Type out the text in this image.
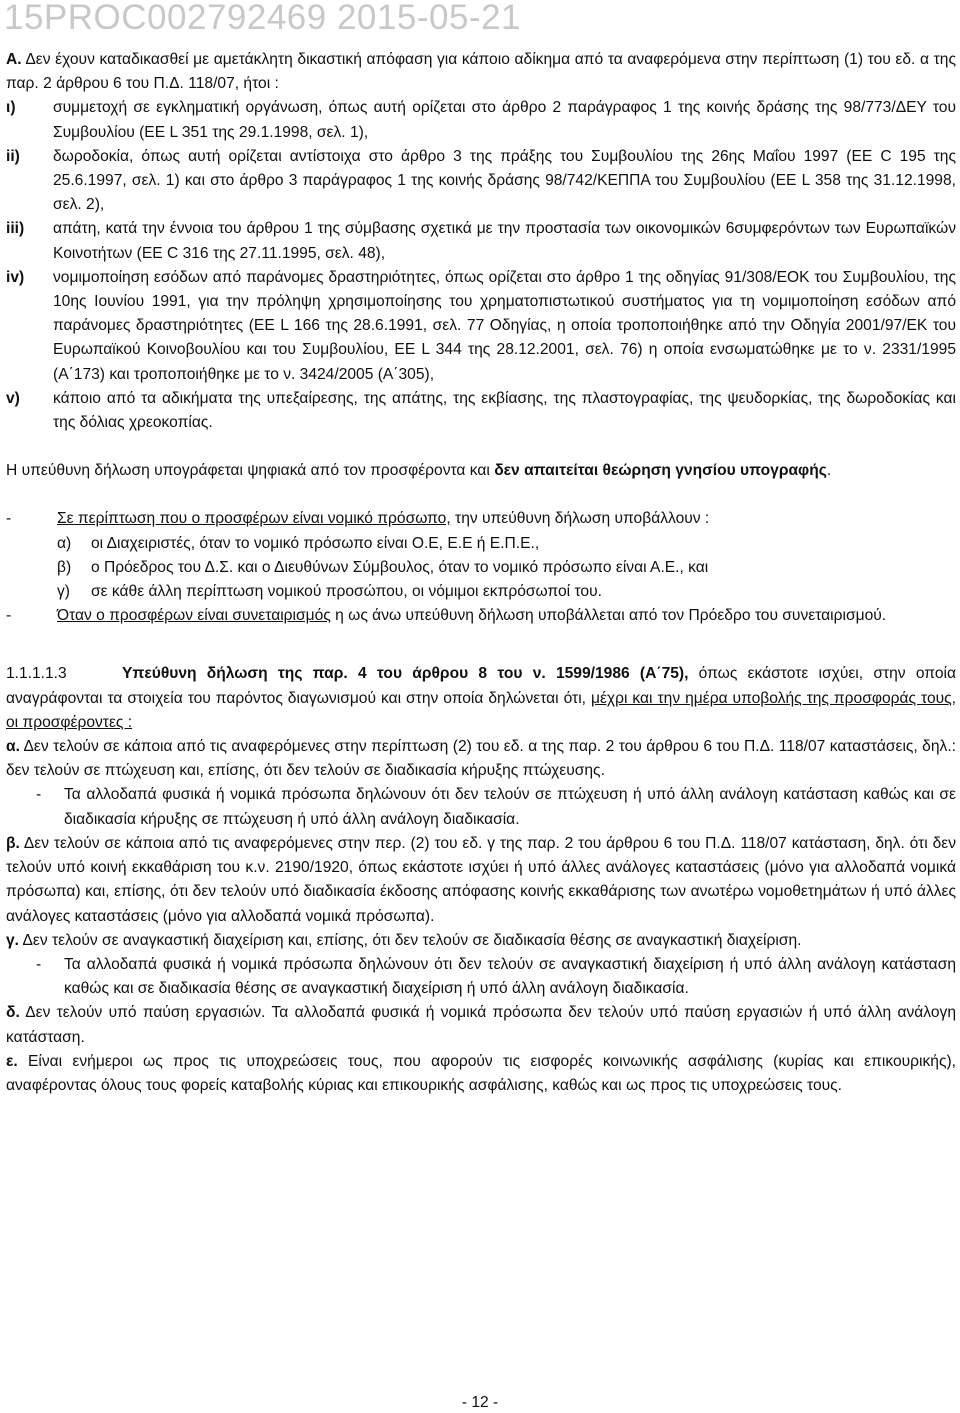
15PROC002792469 2015-05-21

Α. Δεν έχουν καταδικασθεί με αμετάκλητη δικαστική απόφαση για κάποιο αδίκημα από τα αναφερόμενα στην περίπτωση (1) του εδ. α της παρ. 2 άρθρου 6 του Π.Δ. 118/07, ήτοι :

ι)	συμμετοχή σε εγκληματική οργάνωση, όπως αυτή ορίζεται στο άρθρο 2 παράγραφος 1 της κοινής δράσης της 98/773/ΔΕΥ του Συμβουλίου (ΕΕ L 351 της 29.1.1998, σελ. 1),
ii)	δωροδοκία, όπως αυτή ορίζεται αντίστοιχα στο άρθρο 3 της πράξης του Συμβουλίου της 26ης Μαΐου 1997 (ΕΕ C 195 της 25.6.1997, σελ. 1) και στο άρθρο 3 παράγραφος 1 της κοινής δράσης 98/742/ΚΕΠΠΑ του Συμβουλίου (ΕΕ L 358 της 31.12.1998, σελ. 2),
iii)	απάτη, κατά την έννοια του άρθρου 1 της σύμβασης σχετικά με την προστασία των οικονομικών 6συμφερόντων των Ευρωπαϊκών Κοινοτήτων (ΕΕ C 316 της 27.11.1995, σελ. 48),
iv)	νομιμοποίηση εσόδων από παράνομες δραστηριότητες, όπως ορίζεται στο άρθρο 1 της οδηγίας 91/308/ΕΟΚ του Συμβουλίου, της 10ης Ιουνίου 1991, για την πρόληψη χρησιμοποίησης του χρηματοπιστωτικού συστήματος για τη νομιμοποίηση εσόδων από παράνομες δραστηριότητες (ΕΕ L 166 της 28.6.1991, σελ. 77 Οδηγίας, η οποία τροποποιήθηκε από την Οδηγία 2001/97/ΕΚ του Ευρωπαϊκού Κοινοβουλίου και του Συμβουλίου, ΕΕ L 344 της 28.12.2001, σελ. 76) η οποία ενσωματώθηκε με το ν. 2331/1995 (Α΄173) και τροποποιήθηκε με το ν. 3424/2005 (Α΄305),
v)	κάποιο από τα αδικήματα της υπεξαίρεσης, της απάτης, της εκβίασης, της πλαστογραφίας, της ψευδορκίας, της δωροδοκίας και της δόλιας χρεοκοπίας.

Η υπεύθυνη δήλωση υπογράφεται ψηφιακά από τον προσφέροντα και δεν απαιτείται θεώρηση γνησίου υπογραφής.

-	Σε περίπτωση που ο προσφέρων είναι νομικό πρόσωπο, την υπεύθυνη δήλωση υποβάλλουν :
α)	οι Διαχειριστές, όταν το νομικό πρόσωπο είναι Ο.Ε, Ε.Ε ή Ε.Π.Ε.,
β)	ο Πρόεδρος του Δ.Σ. και ο Διευθύνων Σύμβουλος, όταν το νομικό πρόσωπο είναι Α.Ε., και
γ)	σε κάθε άλλη περίπτωση νομικού προσώπου, οι νόμιμοι εκπρόσωποί του.
-	Όταν ο προσφέρων είναι συνεταιρισμός η ως άνω υπεύθυνη δήλωση υποβάλλεται από τον Πρόεδρο του συνεταιρισμού.

1.1.1.1.3	Υπεύθυνη δήλωση της παρ. 4 του άρθρου 8 του ν. 1599/1986 (Α΄75), όπως εκάστοτε ισχύει, στην οποία αναγράφονται τα στοιχεία του παρόντος διαγωνισμού και στην οποία δηλώνεται ότι, μέχρι και την ημέρα υποβολής της προσφοράς τους, οι προσφέροντες :

α. Δεν τελούν σε κάποια από τις αναφερόμενες στην περίπτωση (2) του εδ. α της παρ. 2 του άρθρου 6 του Π.Δ. 118/07 καταστάσεις, δηλ.: δεν τελούν σε πτώχευση και, επίσης, ότι δεν τελούν σε διαδικασία κήρυξης πτώχευσης.

-	Τα αλλοδαπά φυσικά ή νομικά πρόσωπα δηλώνουν ότι δεν τελούν σε πτώχευση ή υπό άλλη ανάλογη κατάσταση καθώς και σε διαδικασία κήρυξης σε πτώχευση ή υπό άλλη ανάλογη διαδικασία.

β. Δεν τελούν σε κάποια από τις αναφερόμενες στην περ. (2) του εδ. γ της παρ. 2 του άρθρου 6 του Π.Δ. 118/07 κατάσταση, δηλ. ότι δεν τελούν υπό κοινή εκκαθάριση του κ.ν. 2190/1920, όπως εκάστοτε ισχύει ή υπό άλλες ανάλογες καταστάσεις (μόνο για αλλοδαπά νομικά πρόσωπα) και, επίσης, ότι δεν τελούν υπό διαδικασία έκδοσης απόφασης κοινής εκκαθάρισης των ανωτέρω νομοθετημάτων ή υπό άλλες ανάλογες καταστάσεις (μόνο για αλλοδαπά νομικά πρόσωπα).

γ. Δεν τελούν σε αναγκαστική διαχείριση και, επίσης, ότι δεν τελούν σε διαδικασία θέσης σε αναγκαστική διαχείριση.

-	Τα αλλοδαπά φυσικά ή νομικά πρόσωπα δηλώνουν ότι δεν τελούν σε αναγκαστική διαχείριση ή υπό άλλη ανάλογη κατάσταση καθώς και σε διαδικασία θέσης σε αναγκαστική διαχείριση ή υπό άλλη ανάλογη διαδικασία.

δ. Δεν τελούν υπό παύση εργασιών. Τα αλλοδαπά φυσικά ή νομικά πρόσωπα δεν τελούν υπό παύση εργασιών ή υπό άλλη ανάλογη κατάσταση.

ε. Είναι ενήμεροι ως προς τις υποχρεώσεις τους, που αφορούν τις εισφορές κοινωνικής ασφάλισης (κυρίας και επικουρικής), αναφέροντας όλους τους φορείς καταβολής κύριας και επικουρικής ασφάλισης, καθώς και ως προς τις υποχρεώσεις τους.

- 12 -
